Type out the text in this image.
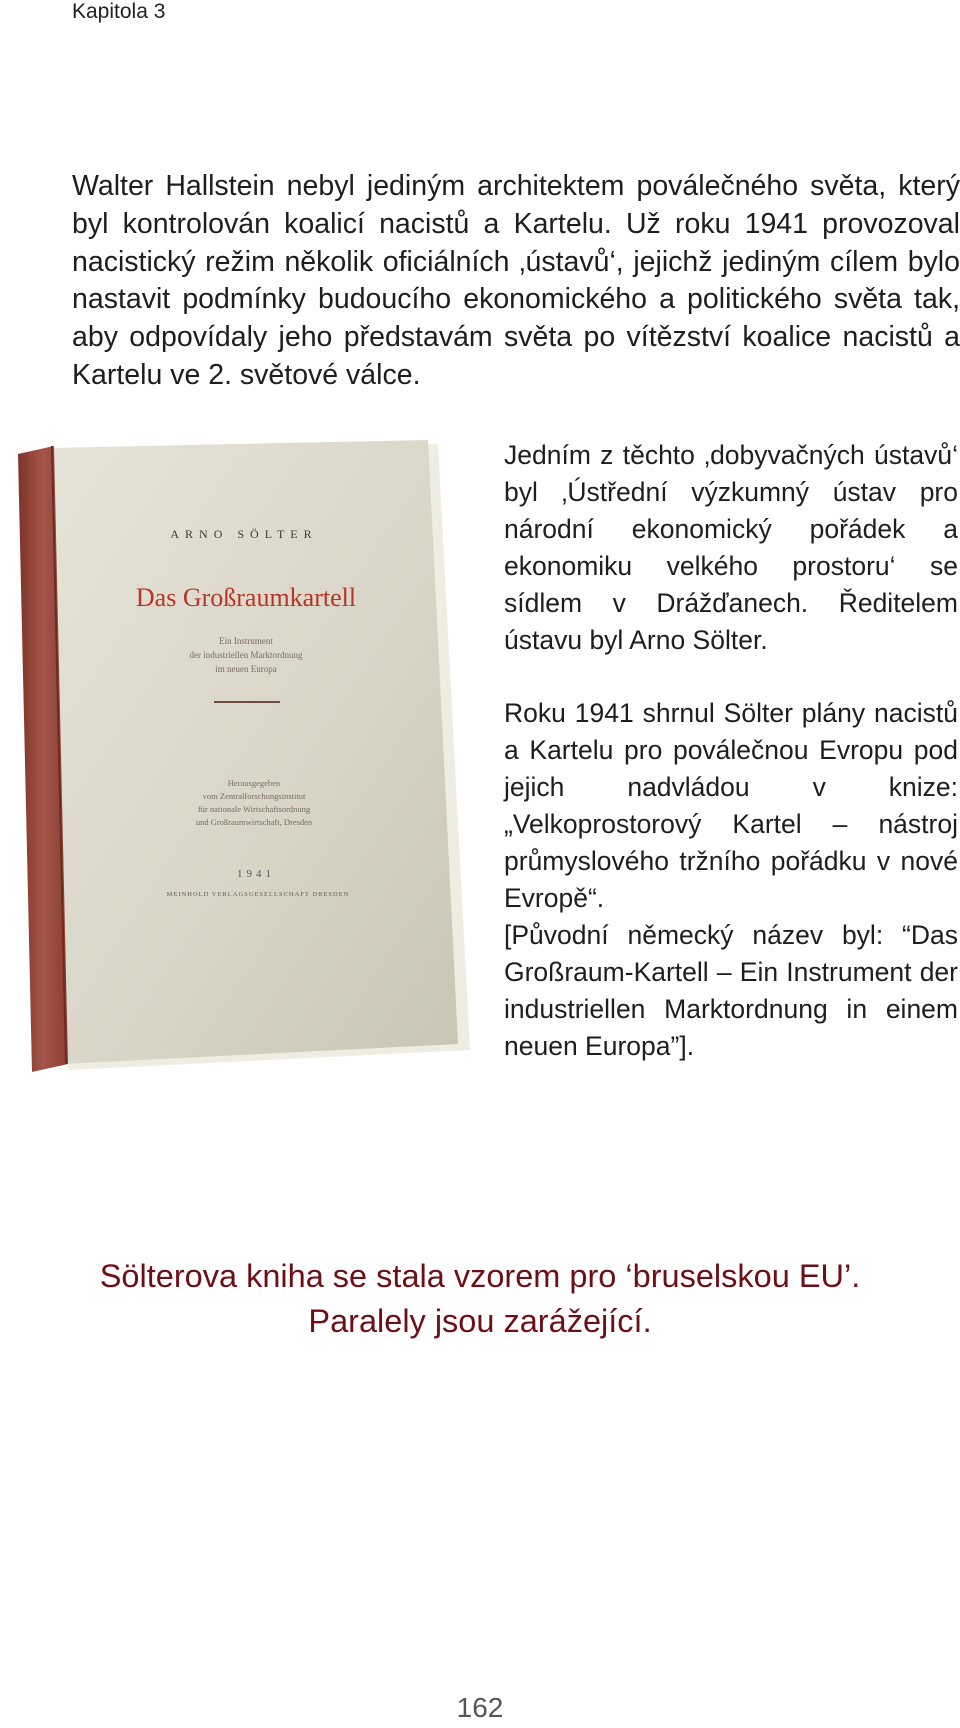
Kapitola 3

Walter Hallstein nebyl jediným architektem poválečného světa, který byl kontrolován koalicí nacistů a Kartelu. Už roku 1941 provozoval nacistický režim několik oficiálních ‚ústavů‘, jejichž jediným cílem bylo nastavit podmínky budoucího ekonomického a politického světa tak, aby odpovídaly jeho představám světa po vítězství koalice nacistů a Kartelu ve 2. světové válce.

ARNO SÖLTER
Das Großraumkartell
Ein Instrument
der industriellen Marktordnung
im neuen Europa
Herausgegeben
vom Zentralforschungsinstitut
für nationale Wirtschaftsordnung
und Großraumwirtschaft, Dresden
1941
MEINHOLD VERLAGSGESELLSCHAFT DRESDEN

Jedním z těchto ‚dobyvačných ústavů‘ byl ‚Ústřední výzkumný ústav pro národní ekonomický pořádek a ekonomiku velkého prostoru‘ se sídlem v Drážďanech. Ředitelem ústavu byl Arno Sölter.

Roku 1941 shrnul Sölter plány nacistů a Kartelu pro poválečnou Evropu pod jejich nadvládou v knize: „Velkoprostorový Kartel – nástroj průmyslového tržního pořádku v nové Evropě“.

[Původní německý název byl: “Das Großraum-Kartell – Ein Instrument der industriellen Marktordnung in einem neuen Europa”].

Sölterova kniha se stala vzorem pro ‘bruselskou EU’.
Paralely jsou zarážející.
162
